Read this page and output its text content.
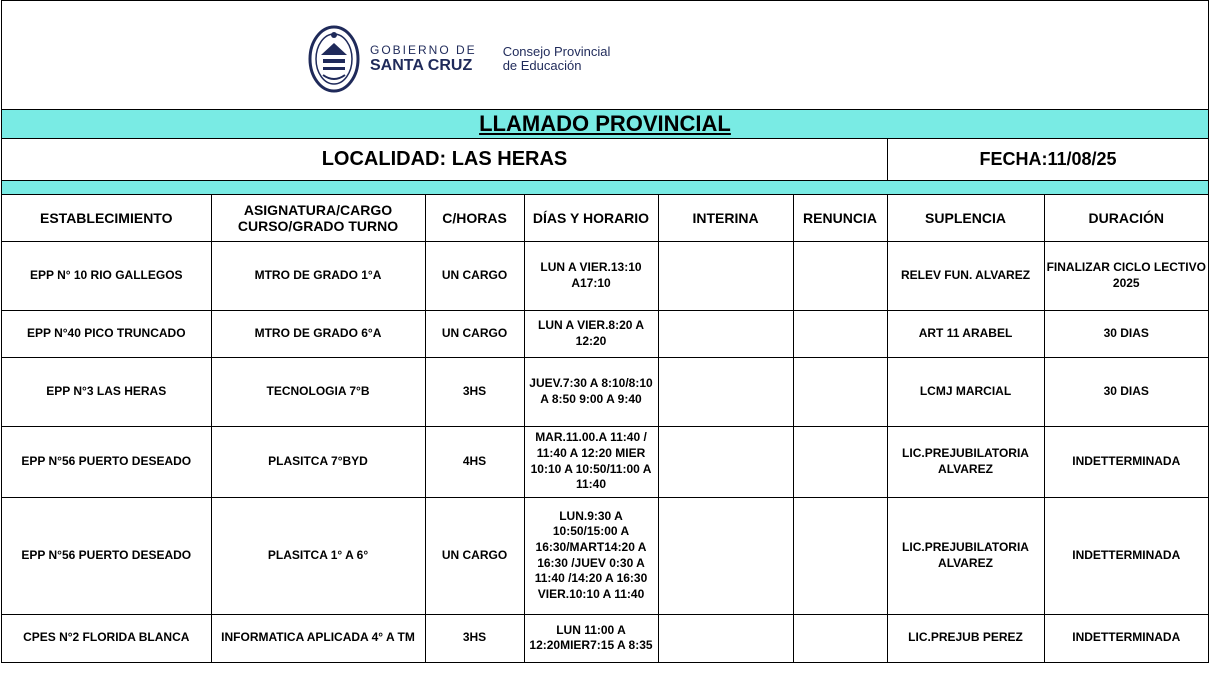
GOBIERNO DE
SANTA CRUZ
Consejo Provincial
de Educación
LLAMADO PROVINCIAL
LOCALIDAD: LAS HERAS	FECHA:11/08/25
ESTABLECIMIENTO	ASIGNATURA/CARGO CURSO/GRADO TURNO	C/HORAS	DÍAS Y HORARIO	INTERINA	RENUNCIA	SUPLENCIA	DURACIÓN
EPP N° 10 RIO GALLEGOS	MTRO DE GRADO 1°A	UN CARGO	LUN A VIER.13:10 A17:10			RELEV FUN. ALVAREZ	FINALIZAR CICLO LECTIVO 2025
EPP N°40 PICO TRUNCADO	MTRO DE GRADO 6°A	UN CARGO	LUN A VIER.8:20 A 12:20			ART 11 ARABEL	30 DIAS
EPP N°3 LAS HERAS	TECNOLOGIA 7°B	3HS	JUEV.7:30 A 8:10/8:10 A 8:50 9:00 A 9:40			LCMJ MARCIAL	30 DIAS
EPP N°56 PUERTO DESEADO	PLASITCA 7°BYD	4HS	MAR.11.00.A 11:40 / 11:40 A 12:20 MIER 10:10 A 10:50/11:00 A 11:40			LIC.PREJUBILATORIA ALVAREZ	INDETTERMINADA
EPP N°56 PUERTO DESEADO	PLASITCA 1° A 6°	UN CARGO	LUN.9:30 A 10:50/15:00 A 16:30/MART14:20 A 16:30 /JUEV 0:30 A 11:40 /14:20 A 16:30 VIER.10:10 A 11:40			LIC.PREJUBILATORIA ALVAREZ	INDETTERMINADA
CPES N°2 FLORIDA BLANCA	INFORMATICA APLICADA 4° A TM	3HS	LUN 11:00 A 12:20MIER7:15 A 8:35			LIC.PREJUB PEREZ	INDETTERMINADA
